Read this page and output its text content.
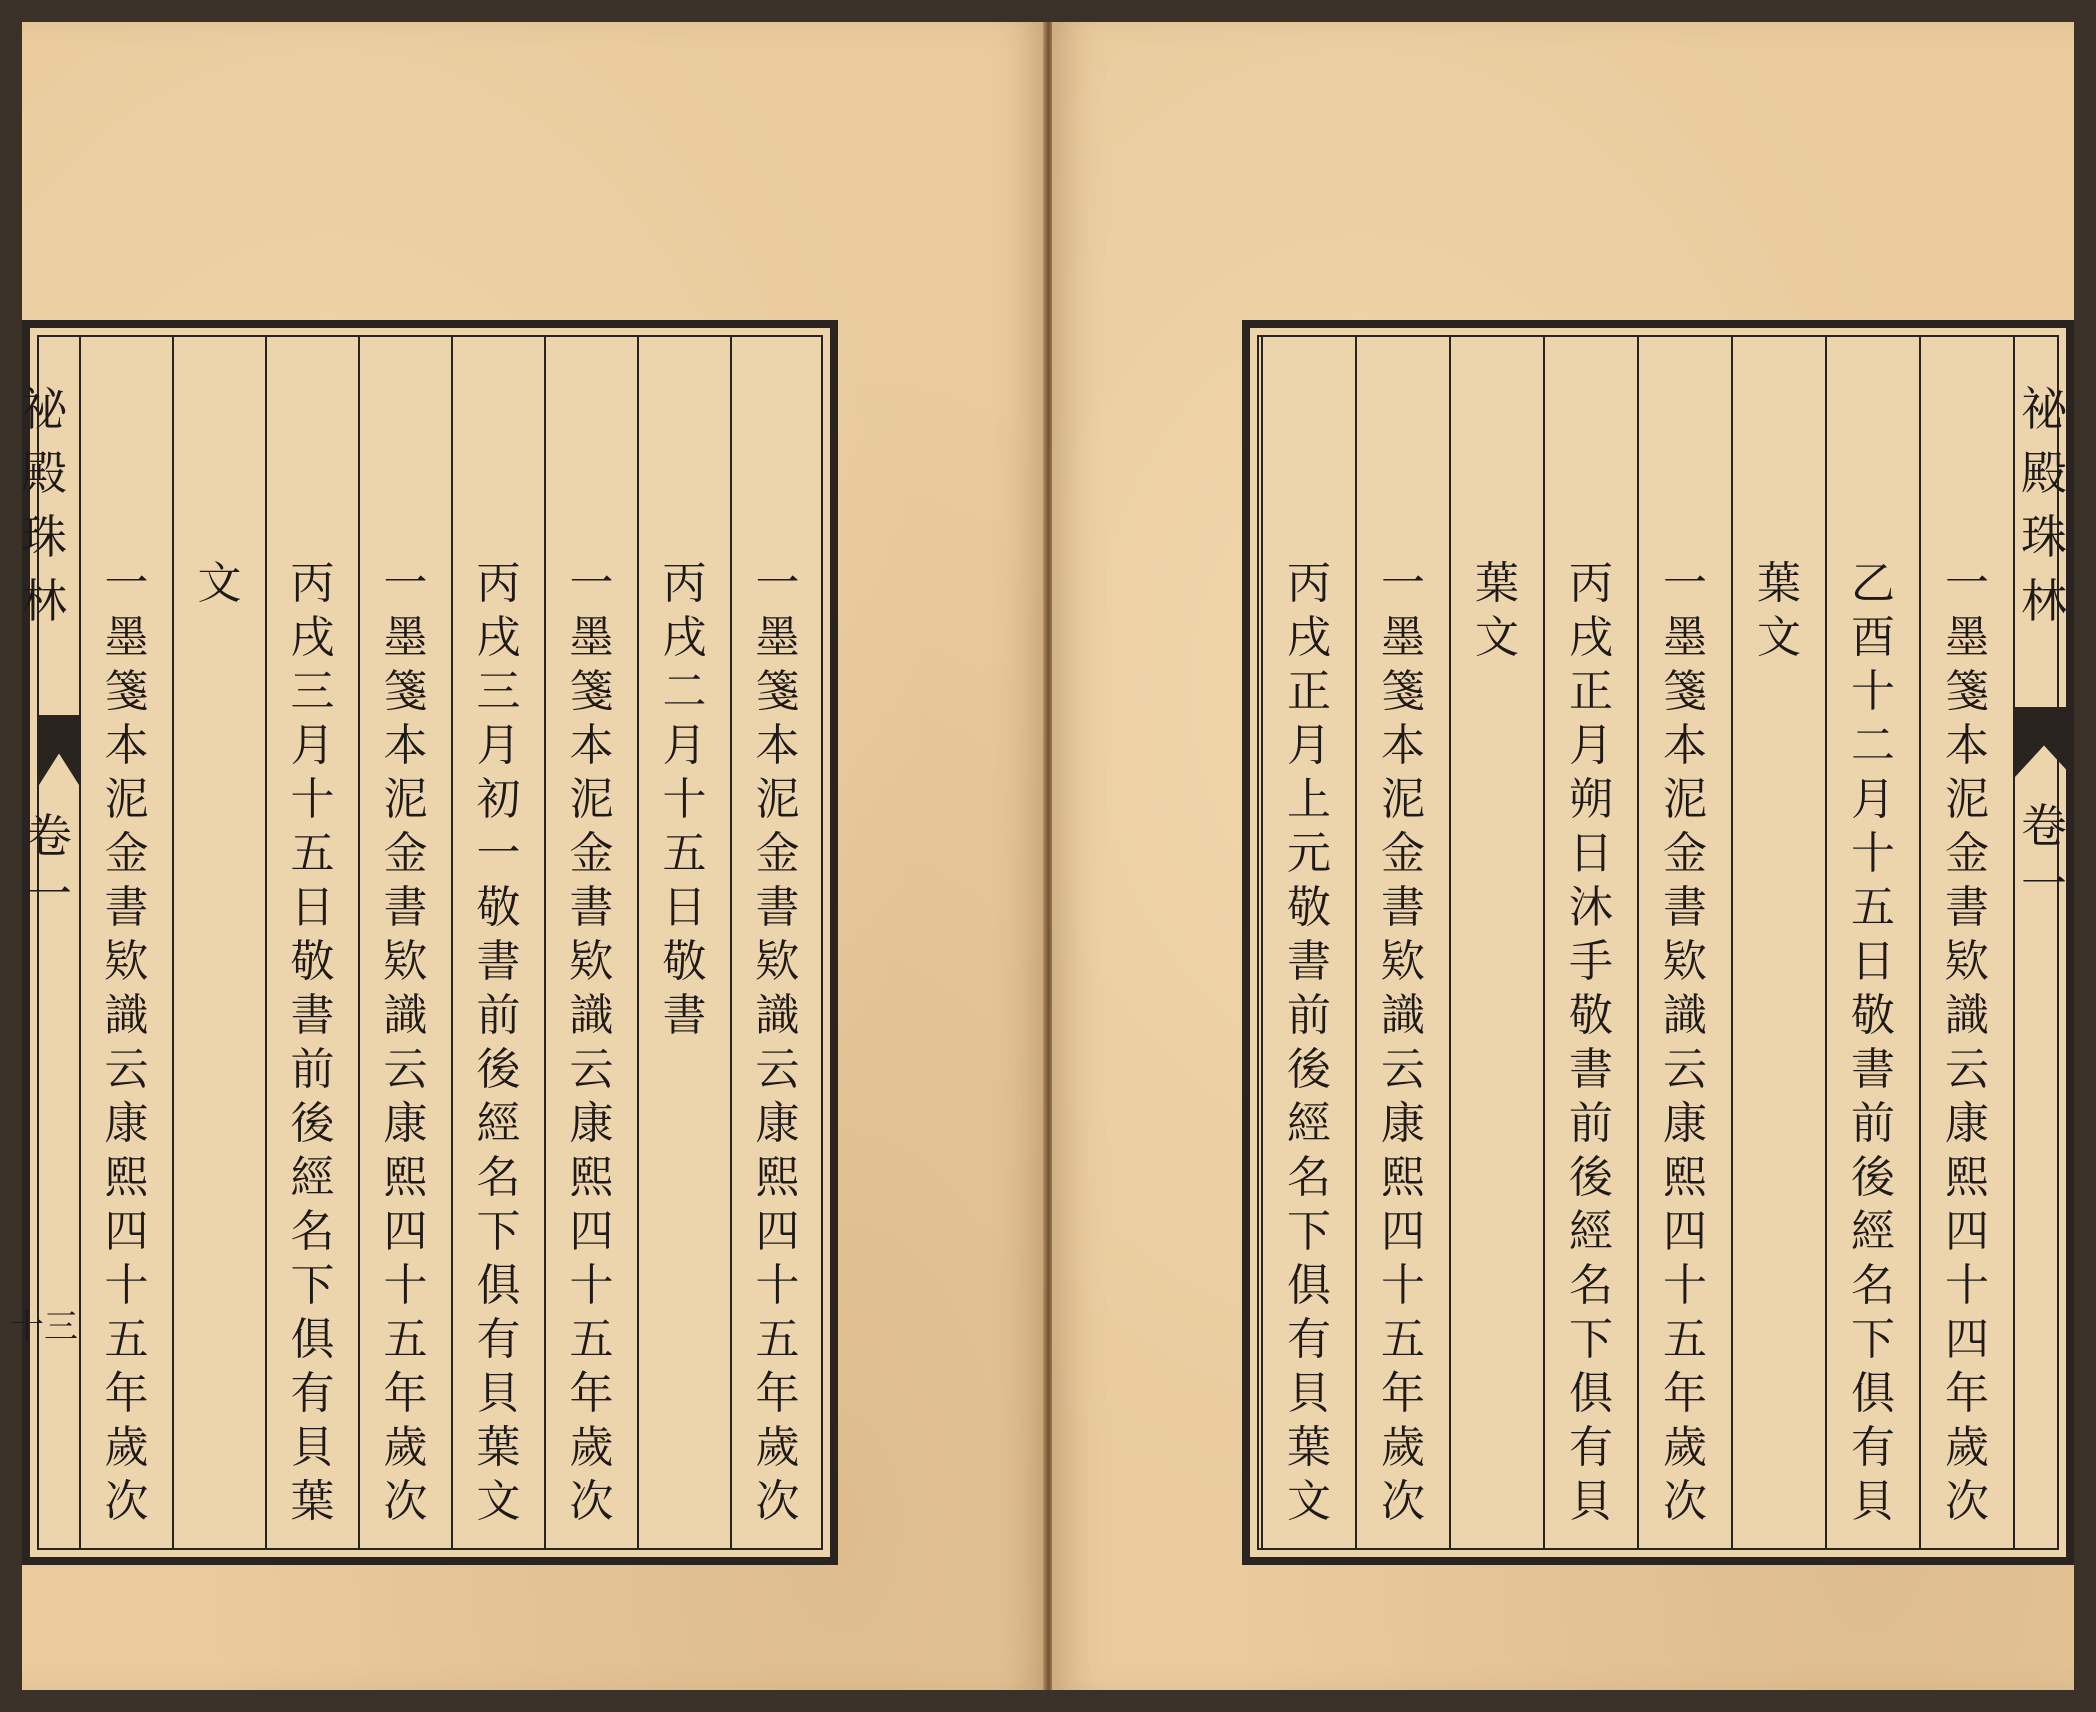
祕
殿
珠
林
卷
一
十三
一
墨
箋
本
泥
金
書
欵
識
云
康
熙
四
十
五
年
歲
次
丙
戌
二
月
十
五
日
敬
書
一
墨
箋
本
泥
金
書
欵
識
云
康
熙
四
十
五
年
歲
次
丙
戌
三
月
初
一
敬
書
前
後
經
名
下
俱
有
貝
葉
文
一
墨
箋
本
泥
金
書
欵
識
云
康
熙
四
十
五
年
歲
次
丙
戌
三
月
十
五
日
敬
書
前
後
經
名
下
俱
有
貝
葉
文
一
墨
箋
本
泥
金
書
欵
識
云
康
熙
四
十
五
年
歲
次
一
墨
箋
本
泥
金
書
欵
識
云
康
熙
四
十
四
年
歲
次
乙
酉
十
二
月
十
五
日
敬
書
前
後
經
名
下
俱
有
貝
葉
文
一
墨
箋
本
泥
金
書
欵
識
云
康
熙
四
十
五
年
歲
次
丙
戌
正
月
朔
日
沐
手
敬
書
前
後
經
名
下
俱
有
貝
葉
文
一
墨
箋
本
泥
金
書
欵
識
云
康
熙
四
十
五
年
歲
次
丙
戌
正
月
上
元
敬
書
前
後
經
名
下
俱
有
貝
葉
文
祕
殿
珠
林
卷
一
